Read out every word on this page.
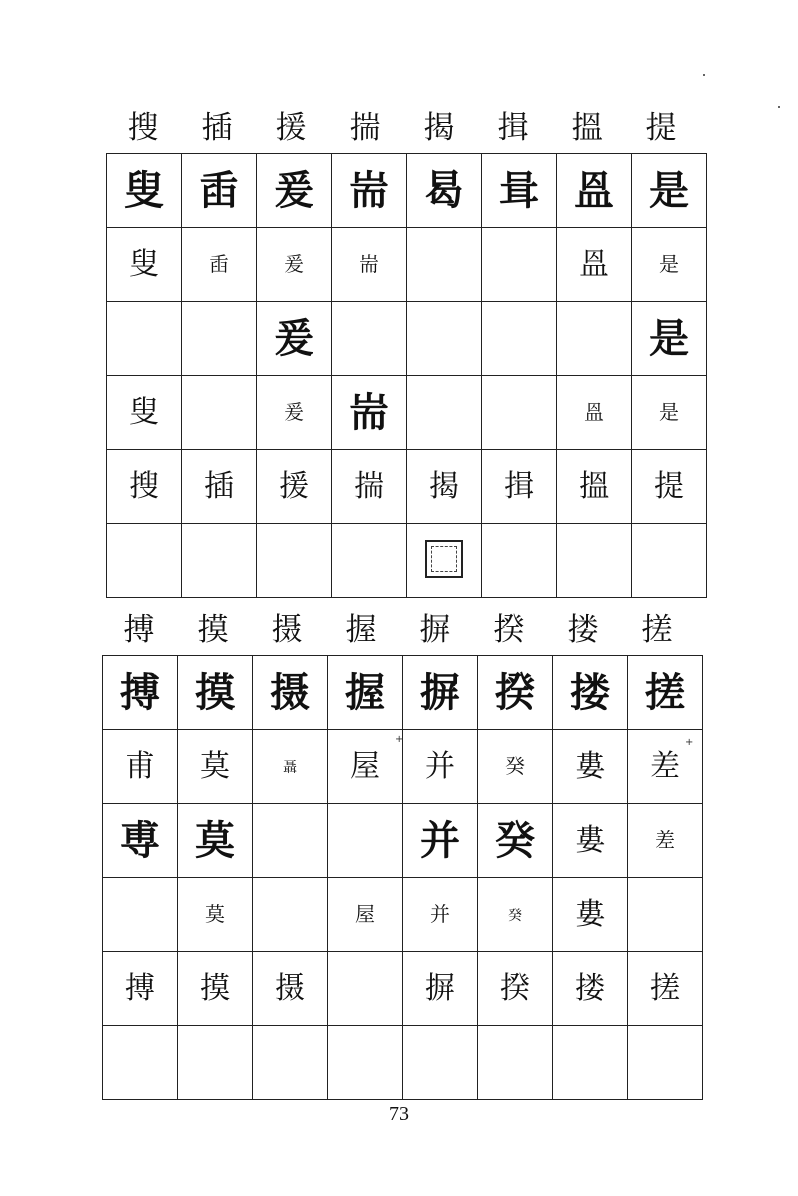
搜	插	援	揣	揭	揖	搵	提
叟	臿	爰	耑	曷	咠	𥁕	是
叟	臿	爰	耑			𥁕	是
		爰					是
叟		爰	耑			𥁕	是
搜	插	援	揣	揭	揖	搵	提

搏	摸	摄	握	摒	揆	搂	搓
搏	摸	摄	握	摒	揆	搂	搓
甫	莫	聶	屋	并	癸	婁	差
尃	莫			并	癸	婁	差
	莫		屋	并	癸	婁	
搏	摸	摄		摒	揆	搂	搓

+	+
73
